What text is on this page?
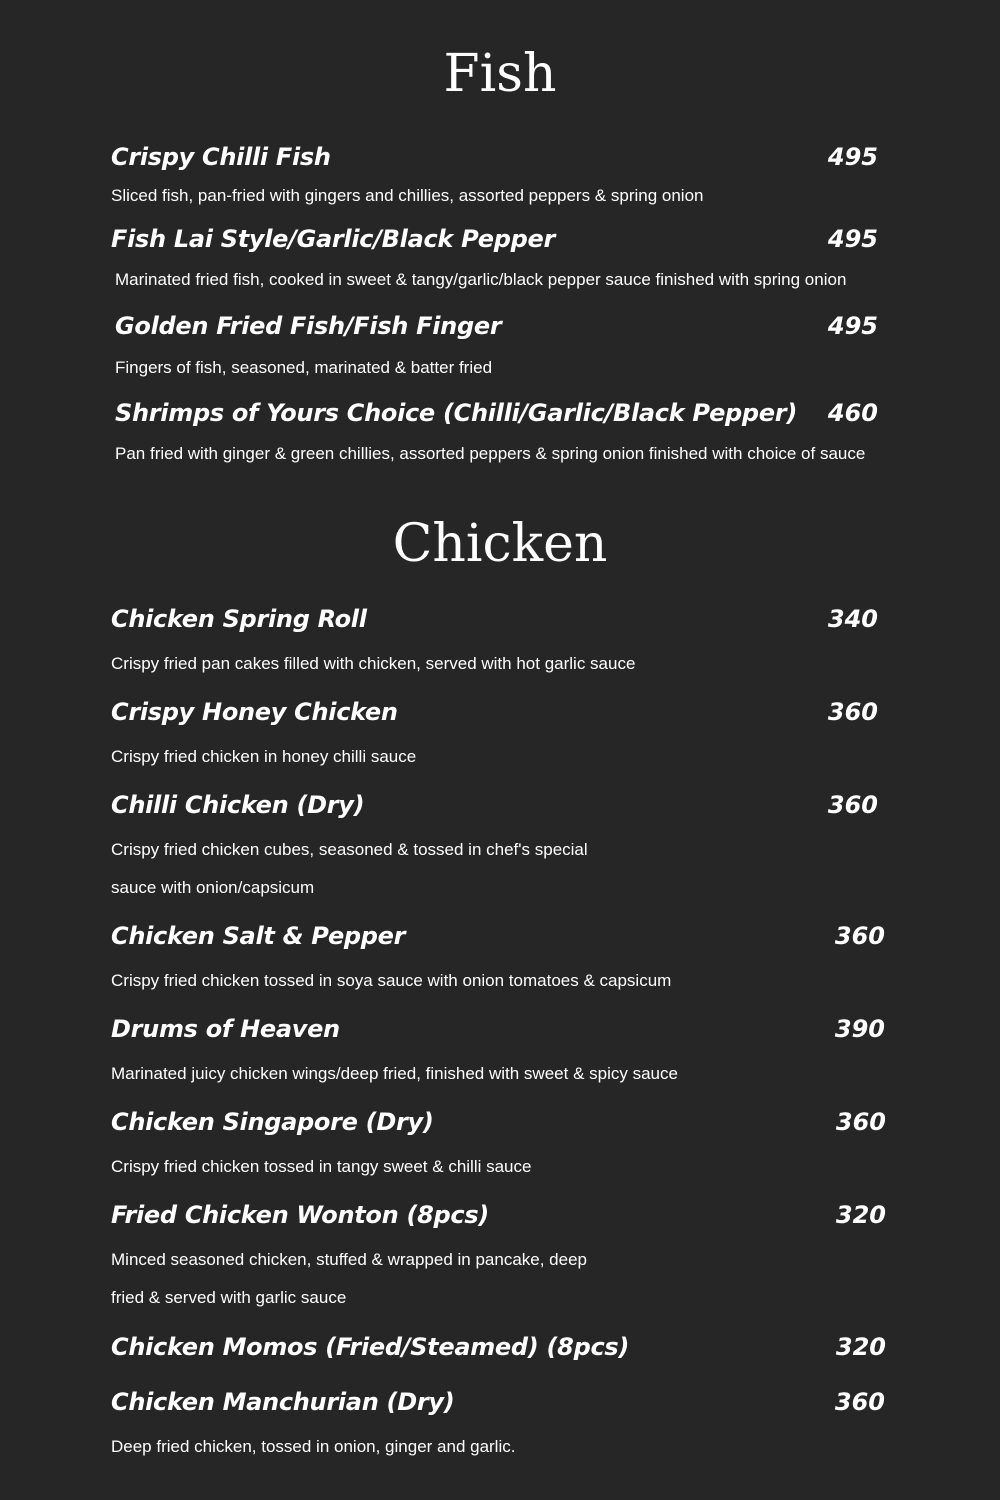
Fish
Crispy Chilli Fish	495
Sliced fish, pan-fried with gingers and chillies, assorted peppers & spring onion
Fish Lai Style/Garlic/Black Pepper	495
Marinated fried fish, cooked in sweet & tangy/garlic/black pepper sauce finished with spring onion
Golden Fried Fish/Fish Finger	495
Fingers of fish, seasoned, marinated & batter fried
Shrimps of Yours Choice (Chilli/Garlic/Black Pepper)	460
Pan fried with ginger & green chillies, assorted peppers & spring onion finished with choice of sauce
Chicken
Chicken Spring Roll	340
Crispy fried pan cakes filled with chicken, served with hot garlic sauce
Crispy Honey Chicken	360
Crispy fried chicken in honey chilli sauce
Chilli Chicken (Dry)	360
Crispy fried chicken cubes, seasoned & tossed in chef's special
sauce with onion/capsicum
Chicken Salt & Pepper	360
Crispy fried chicken tossed in soya sauce with onion tomatoes & capsicum
Drums of Heaven	390
Marinated juicy chicken wings/deep fried, finished with sweet & spicy sauce
Chicken Singapore (Dry)	360
Crispy fried chicken tossed in tangy sweet & chilli sauce
Fried Chicken Wonton (8pcs)	320
Minced seasoned chicken, stuffed & wrapped in pancake, deep
fried & served with garlic sauce
Chicken Momos (Fried/Steamed) (8pcs)	320
Chicken Manchurian (Dry)	360
Deep fried chicken, tossed in onion, ginger and garlic.
